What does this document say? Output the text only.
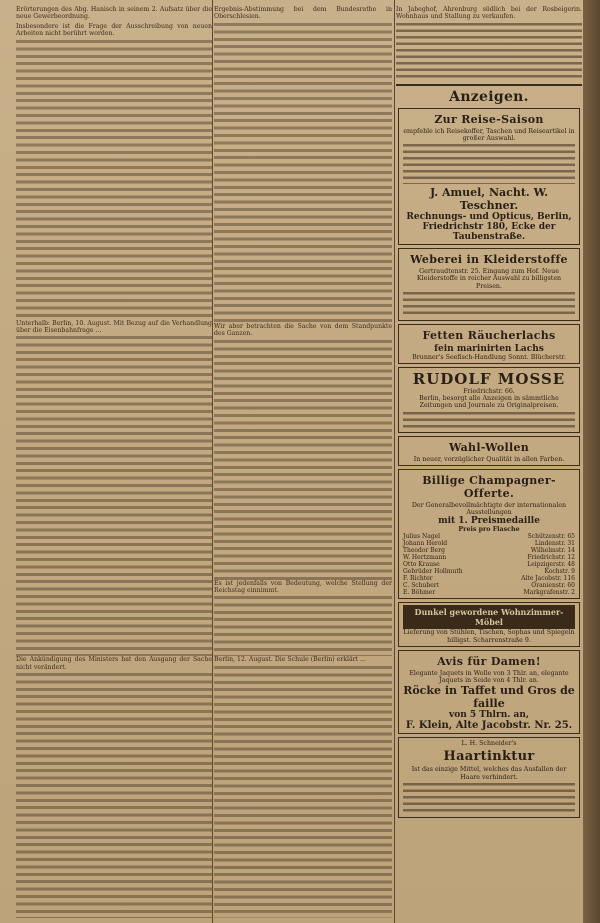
Erörterungen des Abg. Hanisch in seinem 2. Aufsatz über die neue Gewerbeordnung.

Insbesondere ist die Frage der Ausschreibung von neuen Arbeiten nicht berührt worden.

Unterhalb: Berlin, 10. August. Mit Bezug auf die Verhandlung über die Eisenbahnfrage ...

Die Ankündigung des Ministers hat den Ausgang der Sache nicht verändert.

Ergebnis-Abstimmung bei dem Bundesrathe in Oberschlesien.

Wir aber betrachten die Sache von dem Standpunkte des Ganzen.

Es ist jedenfalls von Bedeutung, welche Stellung der Reichstag einnimmt.

Berlin, 12. August. Die Schule (Berlin) erklärt ...

In Jabeghof, Ahrenburg südlich bei der Rosbeigerin. Wohnhaus und Stallung zu verkaufen.

Anzeigen.
Zur Reise-Saison
empfehle ich Reisekoffer, Taschen und Reiseartikel in großer Auswahl.
J. Amuel, Nacht. W. Teschner.
Rechnungs- und Opticus, Berlin,
Friedrichstr 180, Ecke der Taubenstraße.
Weberei in Kleiderstoffe
Gertraudtenstr. 25. Eingang zum Hof. Neue Kleiderstoffe in reicher Auswahl zu billigsten Preisen.
Fetten Räucherlachs
fein marinirten Lachs
Brunner's Seefisch-Handlung Sonnt. Blücherstr.
RUDOLF MOSSE
Friedrichstr. 66.
Berlin, besorgt alle Anzeigen in sämmtliche Zeitungen und Journale zu Originalpreisen.
Wahl-Wollen
In neuer, vorzüglicher Qualität in allen Farben.
Billige Champagner-Offerte.
Der Generalbevollmächtigte der internationalen Ausstellungen
mit 1. Preismedaille
Preis pro Flasche
Julius Nagel	Schützenstr. 65
Johann Herold	Lindenstr. 31
Theodor Berg	Wilhelmstr. 14
W. Hertzmann	Friedrichstr. 12
Otto Krause	Leipzigerstr. 48
Gebrüder Hollmuth	Kochstr. 9
F. Richter	Alte Jacobstr. 116
C. Schubert	Oranienstr. 60
E. Böhmer	Markgrafenstr. 2
Dunkel gewordene Wohnzimmer-Möbel
Lieferung von Stühlen, Tischen, Sophas und Spiegeln billigst. Scharrenstraße 9.
Avis für Damen!
Elegante Jaquets in Wolle von 3 Thlr. an, elegante Jaquets in Seide von 4 Thlr. an.
Röcke in Taffet und Gros de faille
von 5 Thlrn. an,
F. Klein, Alte Jacobstr. Nr. 25.
L. H. Schneider's
Haartinktur
Ist das einzige Mittel, welches das Ausfallen der Haare verhindert.
